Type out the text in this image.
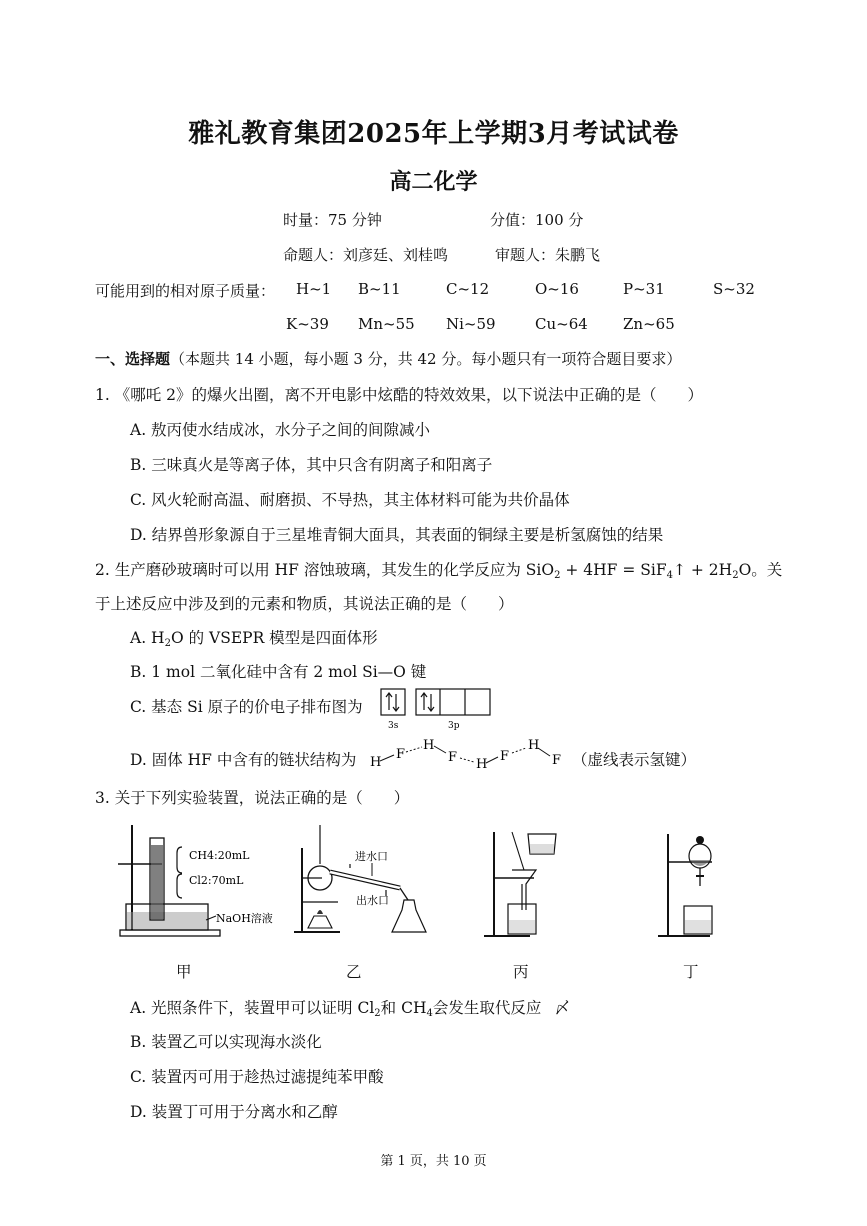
雅礼教育集团2025年上学期3月考试试卷
高二化学
时量：75 分钟	分值：100 分
命题人：刘彦廷、刘桂鸣	审题人：朱鹏飞
可能用到的相对原子质量： H~1 B~11	C~12	O~16	P~31	S~32
K~39 Mn~55 Ni~59	Cu~64 Zn~65
一、选择题（本题共 14 小题，每小题 3 分，共 42 分。每小题只有一项符合题目要求）
1. 《哪吒 2》的爆火出圈，离不开电影中炫酷的特效效果，以下说法中正确的是（　　）
A. 敖丙使水结成冰，水分子之间的间隙减小
B. 三味真火是等离子体，其中只含有阴离子和阳离子
C. 风火轮耐高温、耐磨损、不导热，其主体材料可能为共价晶体
D. 结界兽形象源自于三星堆青铜大面具，其表面的铜绿主要是析氢腐蚀的结果
2. 生产磨砂玻璃时可以用 HF 溶蚀玻璃，其发生的化学反应为 SiO$_2$ + 4HF = SiF$_4$↑ + $2H_2O$。关
于上述反应中涉及到的元素和物质，其说法正确的是（　　）
A. $H_2O$ 的 VSEPR 模型是四面体形
B. 1 mol 二氧化硅中含有 2 mol Si—O 键
C. 基态 Si 原子的价电子排布图为
3s	3p
D. 固体 HF 中含有的链状结构为 H
F
H
F H
F
H
F （虚线表示氢键）
3. 关于下列实验装置，说法正确的是（　　）
CH4:20mL
Cl2:70mL
NaOH溶液
进水口
出水口
甲	乙	丙	丁
A. 光照条件下，装置甲可以证明 $Cl_2$和 $CH_4$会发生取代反应 〆
B. 装置乙可以实现海水淡化
C. 装置丙可用于趁热过滤提纯苯甲酸
D. 装置丁可用于分离水和乙醇
第 1 页，共 10 页
